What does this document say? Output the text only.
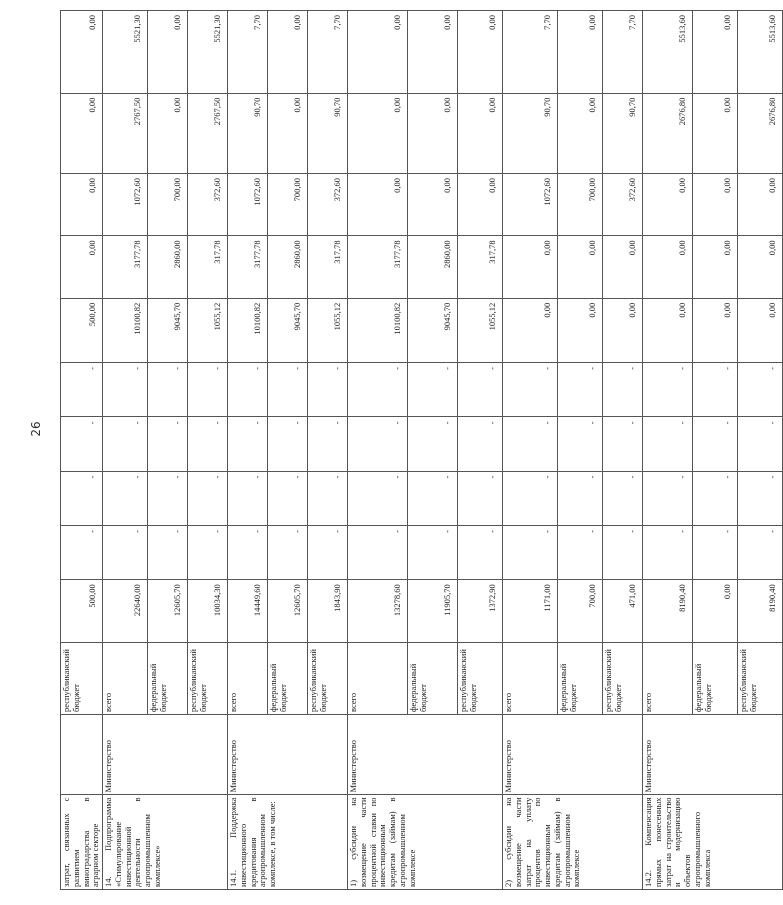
26
затрат, связанных с развитием виноградарства в аграрном секторе		республиканский бюджет	500,00	-	-	-	-	500,00	0,00	0,00	0,00	0,00
14. Подпрограмма «Стимулирование инвестиционной деятельности в агропромышленном комплексе»	Министерство	всего	22640,00	-	-	-	-	10100,82	3177,78	1072,60	2767,50	5521,30
		федеральный бюджет	12605,70	-	-	-	-	9045,70	2860,00	700,00	0,00	0,00
		республиканский бюджет	10034,30	-	-	-	-	1055,12	317,78	372,60	2767,50	5521,30
14.1. Поддержка инвестиционного кредитования в агропромышленном комплексе, в том числе:	Министерство	всего	14449,60	-	-	-	-	10100,82	3177,78	1072,60	90,70	7,70
		федеральный бюджет	12605,70	-	-	-	-	9045,70	2860,00	700,00	0,00	0,00
		республиканский бюджет	1843,90	-	-	-	-	1055,12	317,78	372,60	90,70	7,70
1) субсидии на возмещение части процентной ставки по инвестиционным кредитам (займам) в агропромышленном комплексе	Министерство	всего	13278,60	-	-	-	-	10100,82	3177,78	0,00	0,00	0,00
		федеральный бюджет	11905,70	-	-	-	-	9045,70	2860,00	0,00	0,00	0,00
		республиканский бюджет	1372,90	-	-	-	-	1055,12	317,78	0,00	0,00	0,00
2) субсидии на возмещение части затрат на уплату процентов по инвестиционным кредитам (займам) в агропромышленном комплексе	Министерство	всего	1171,00	-	-	-	-	0,00	0,00	1072,60	90,70	7,70
		федеральный бюджет	700,00	-	-	-	-	0,00	0,00	700,00	0,00	0,00
		республиканский бюджет	471,00	-	-	-	-	0,00	0,00	372,60	90,70	7,70
14.2. Компенсация прямых понесенных затрат на строительство и модернизацию объектов агропромышленного комплекса	Министерство	всего	8190,40	-	-	-	-	0,00	0,00	0,00	2676,80	5513,60
		федеральный бюджет	0,00	-	-	-	-	0,00	0,00	0,00	0,00	0,00
		республиканский бюджет	8190,40	-	-	-	-	0,00	0,00	0,00	2676,80	5513,60
